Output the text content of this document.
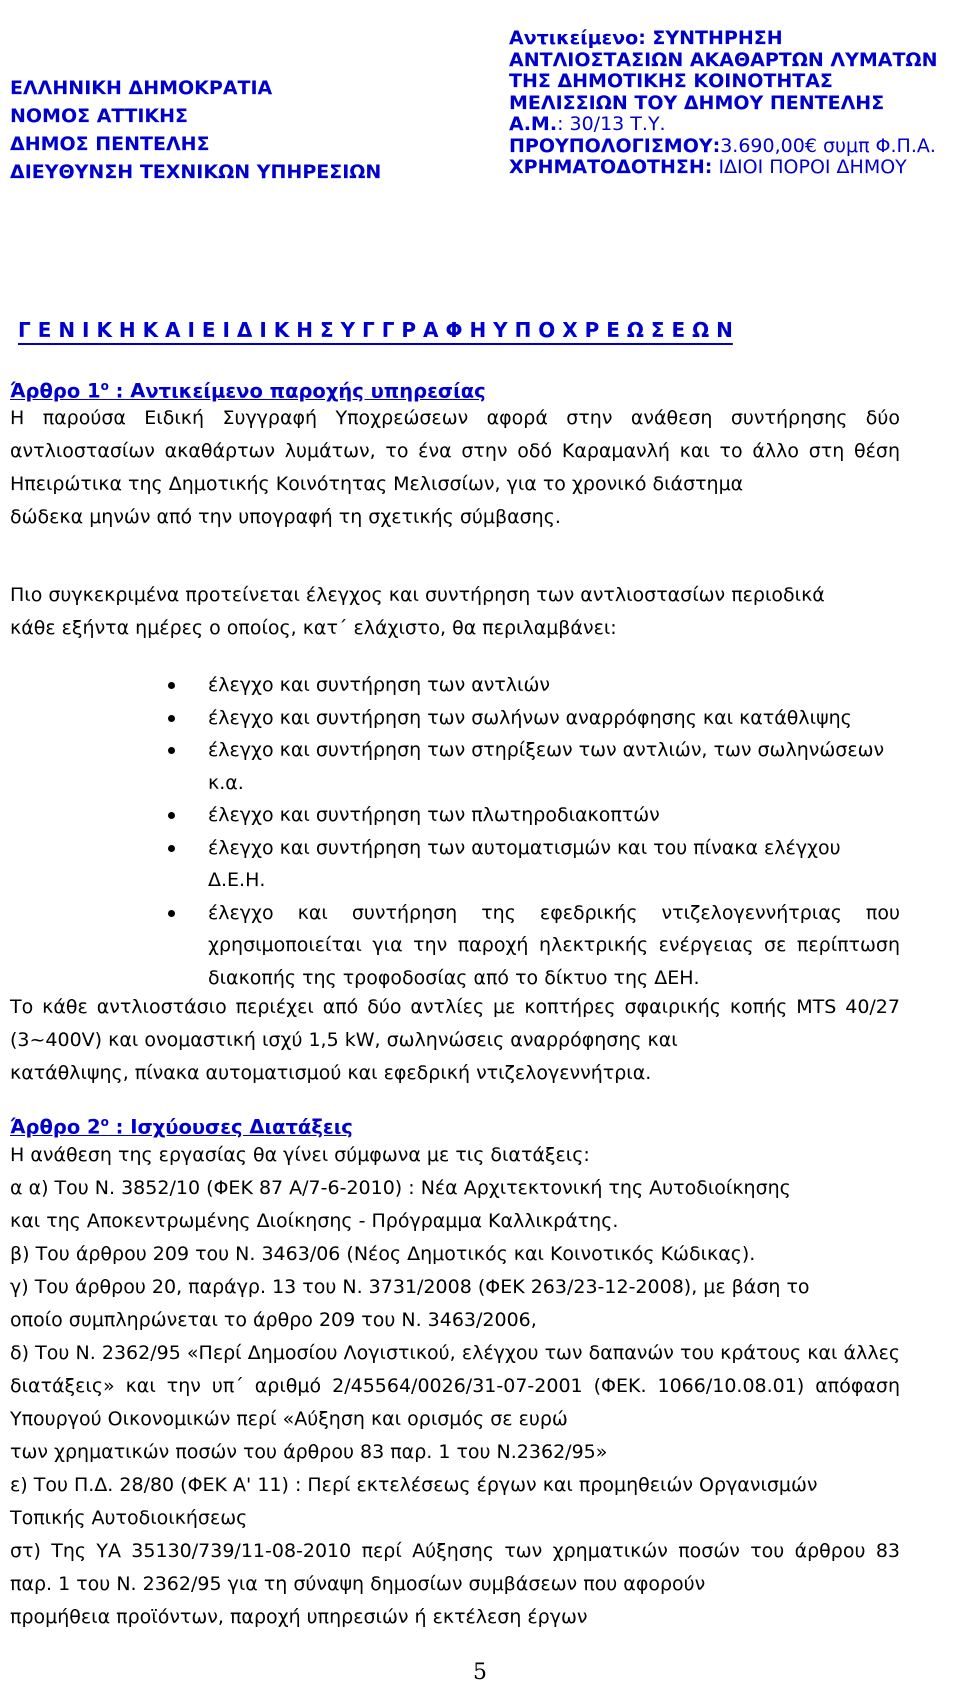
ΕΛΛΗΝΙΚΗ ΔΗΜΟΚΡΑΤΙΑ
ΝΟΜΟΣ ΑΤΤΙΚΗΣ
ΔΗΜΟΣ ΠΕΝΤΕΛΗΣ
ΔΙΕΥΘΥΝΣΗ ΤΕΧΝΙΚΩΝ ΥΠΗΡΕΣΙΩΝ
Αντικείμενο: ΣΥΝΤΗΡΗΣΗ
ΑΝΤΛΙΟΣΤΑΣΙΩΝ ΑΚΑΘΑΡΤΩΝ ΛΥΜΑΤΩΝ
ΤΗΣ ΔΗΜΟΤΙΚΗΣ ΚΟΙΝΟΤΗΤΑΣ
ΜΕΛΙΣΣΙΩΝ ΤΟΥ ΔΗΜΟΥ ΠΕΝΤΕΛΗΣ
Α.Μ.: 30/13 Τ.Υ.
ΠΡΟΥΠΟΛΟΓΙΣΜΟΥ:3.690,00€ συμπ Φ.Π.Α.
ΧΡΗΜΑΤΟΔΟΤΗΣΗ: ΙΔΙΟΙ ΠΟΡΟΙ ΔΗΜΟΥ
Γ Ε Ν Ι Κ Η Κ Α Ι Ε Ι Δ Ι Κ Η Σ Υ Γ Γ Ρ Α Φ Η Υ Π Ο Χ Ρ Ε Ω Σ Ε Ω Ν
Άρθρο $1^o$ : Αντικείμενο παροχής υπηρεσίας

Η παρούσα Ειδική Συγγραφή Υποχρεώσεων αφορά στην ανάθεση συντήρησης δύο αντλιοστασίων ακαθάρτων λυμάτων, το ένα στην οδό Καραμανλή και το άλλο στη θέση Ηπειρώτικα της Δημοτικής Κοινότητας Μελισσίων, για το χρονικό διάστημα

δώδεκα μηνών από την υπογραφή τη σχετικής σύμβασης.
Πιο συγκεκριμένα προτείνεται έλεγχος και συντήρηση των αντλιοστασίων περιοδικά
κάθε εξήντα ημέρες ο οποίος, κατ΄ ελάχιστο, θα περιλαμβάνει:
έλεγχο και συντήρηση των αντλιών
έλεγχο και συντήρηση των σωλήνων αναρρόφησης και κατάθλιψης
έλεγχο και συντήρηση των στηρίξεων των αντλιών, των σωληνώσεων κ.α.
έλεγχο και συντήρηση των πλωτηροδιακοπτών
έλεγχο και συντήρηση των αυτοματισμών και του πίνακα ελέγχου Δ.Ε.Η.
έλεγχο και συντήρηση της εφεδρικής ντιζελογεννήτριας που χρησιμοποιείται για την παροχή ηλεκτρικής ενέργειας σε περίπτωση διακοπής της τροφοδοσίας από το δίκτυο της ΔΕΗ.

Το κάθε αντλιοστάσιο περιέχει από δύο αντλίες με κοπτήρες σφαιρικής κοπής MTS 40/27 (3~400V) και ονομαστική ισχύ 1,5 kW, σωληνώσεις αναρρόφησης και

κατάθλιψης, πίνακα αυτοματισμού και εφεδρική ντιζελογεννήτρια.
Άρθρο $2^o$ : Ισχύουσες Διατάξεις
Η ανάθεση της εργασίας θα γίνει σύμφωνα με τις διατάξεις:
α α) Του Ν. 3852/10 (ΦΕΚ 87 Α/7-6-2010) : Νέα Αρχιτεκτονική της Αυτοδιοίκησης
και της Αποκεντρωμένης Διοίκησης - Πρόγραμμα Καλλικράτης.
β) Του άρθρου 209 του Ν. 3463/06 (Νέος Δημοτικός και Κοινοτικός Κώδικας).
γ) Του άρθρου 20, παράγρ. 13 του Ν. 3731/2008 (ΦΕΚ 263/23-12-2008), με βάση το
οποίο συμπληρώνεται το άρθρο 209 του Ν. 3463/2006,

δ) Του Ν. 2362/95 «Περί Δημοσίου Λογιστικού, ελέγχου των δαπανών του κράτους και άλλες διατάξεις» και την υπ΄ αριθμό 2/45564/0026/31-07-2001 (ΦΕΚ. 1066/10.08.01) απόφαση Υπουργού Οικονομικών περί «Αύξηση και ορισμός σε ευρώ

των χρηματικών ποσών του άρθρου 83 παρ. 1 του Ν.2362/95»
ε) Του Π.Δ. 28/80 (ΦΕΚ Α' 11) : Περί εκτελέσεως έργων και προμηθειών Οργανισμών
Τοπικής Αυτοδιοικήσεως

στ) Της ΥΑ 35130/739/11-08-2010 περί Αύξησης των χρηματικών ποσών του άρθρου 83 παρ. 1 του Ν. 2362/95 για τη σύναψη δημοσίων συμβάσεων που αφορούν

προμήθεια προϊόντων, παροχή υπηρεσιών ή εκτέλεση έργων
5
